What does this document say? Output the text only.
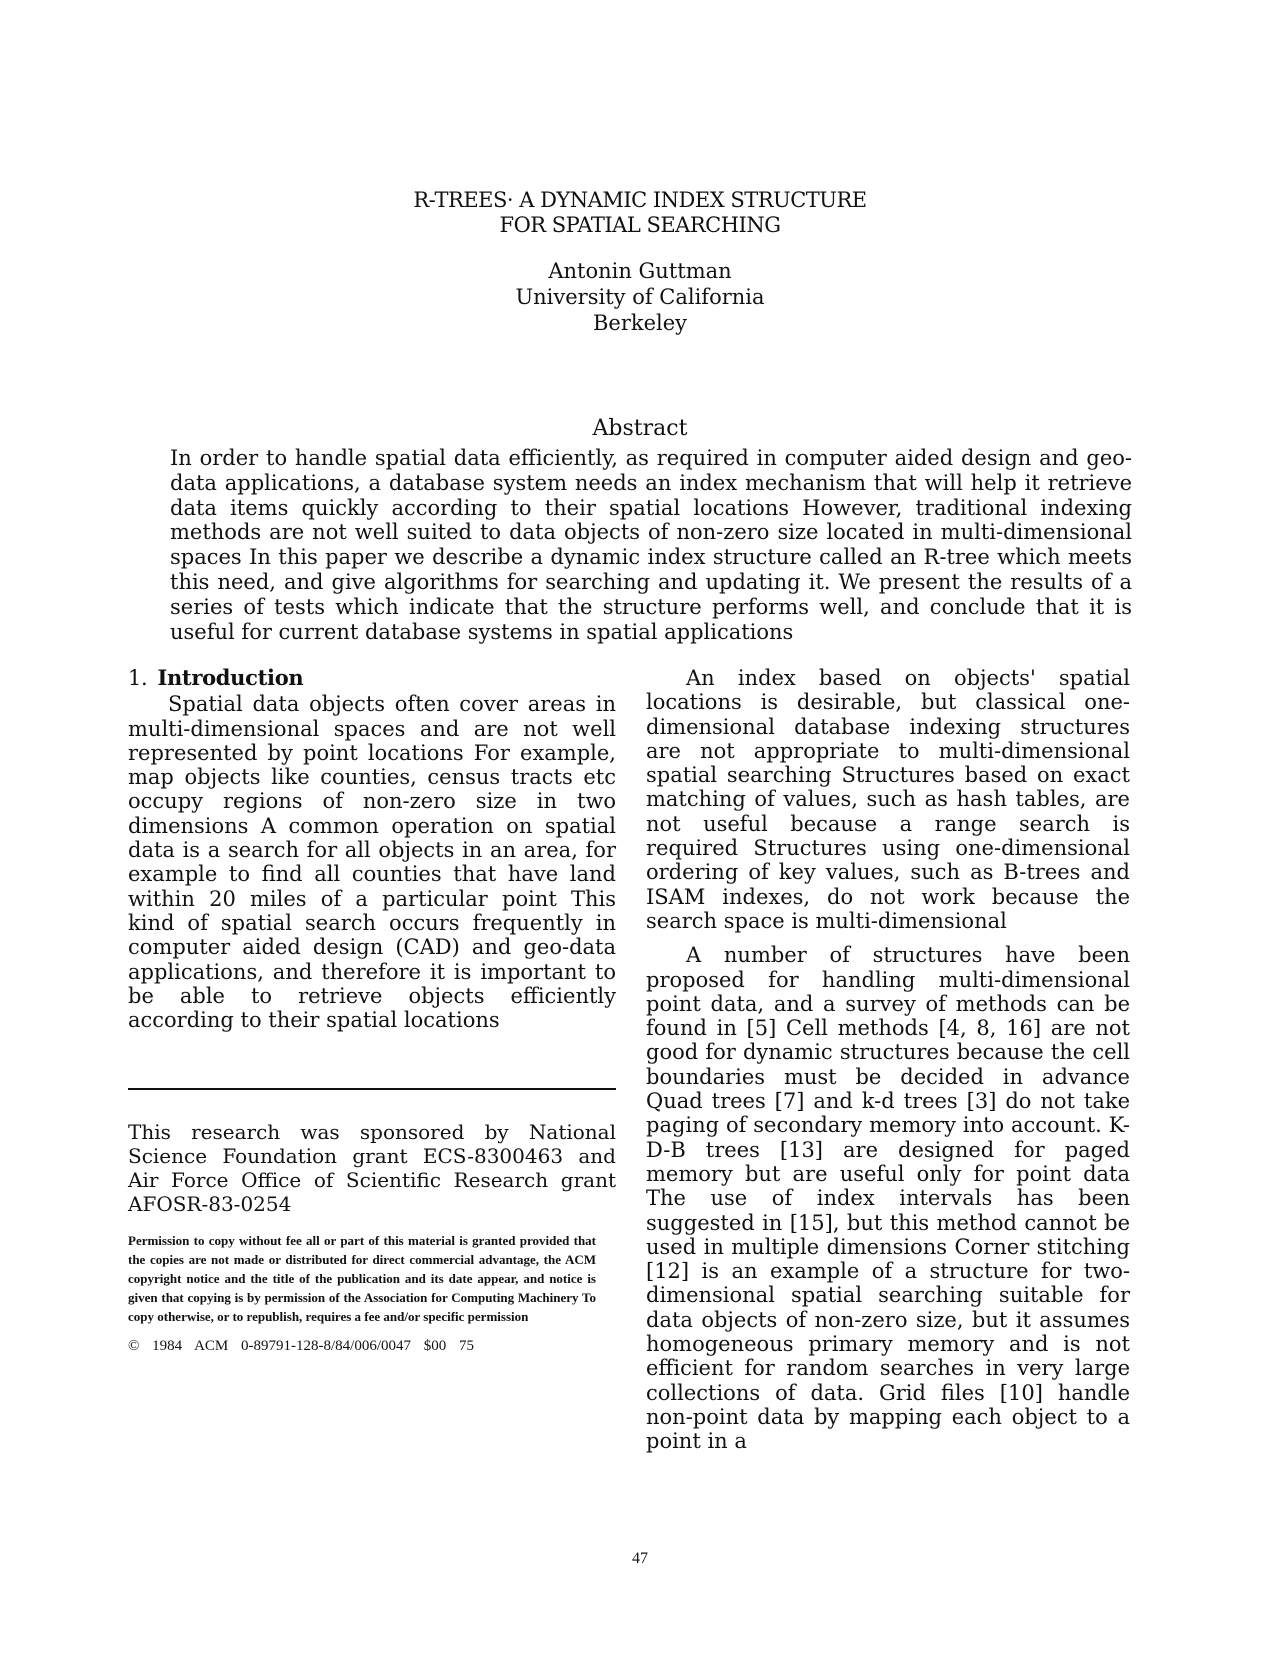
R-TREES· A DYNAMIC INDEX STRUCTURE
FOR SPATIAL SEARCHING
Antonin Guttman
University of California
Berkeley
Abstract
In order to handle spatial data efficiently, as required in computer aided design and geo-data applications, a database system needs an index mechanism that will help it retrieve data items quickly according to their spatial locations However, traditional indexing methods are not well suited to data objects of non-zero size located in multi-dimensional spaces In this paper we describe a dynamic index structure called an R-tree which meets this need, and give algorithms for searching and updating it. We present the results of a series of tests which indicate that the structure performs well, and conclude that it is useful for current database systems in spatial applications
1. Introduction

Spatial data objects often cover areas in multi-dimensional spaces and are not well represented by point locations For example, map objects like counties, census tracts etc occupy regions of non-zero size in two dimensions A common operation on spatial data is a search for all objects in an area, for example to find all counties that have land within 20 miles of a particular point This kind of spatial search occurs frequently in computer aided design (CAD) and geo-data applications, and therefore it is important to be able to retrieve objects efficiently according to their spatial locations

This research was sponsored by National Science Foundation grant ECS-8300463 and Air Force Office of Scientific Research grant AFOSR-83-0254
Permission to copy without fee all or part of this material is granted provided that the copies are not made or distributed for direct commercial advantage, the ACM copyright notice and the title of the publication and its date appear, and notice is given that copying is by permission of the Association for Computing Machinery To copy otherwise, or to republish, requires a fee and/or specific permission
© 1984 ACM 0-89791-128-8/84/006/0047 $00 75

An index based on objects' spatial locations is desirable, but classical one-dimensional database indexing structures are not appropriate to multi-dimensional spatial searching Structures based on exact matching of values, such as hash tables, are not useful because a range search is required Structures using one-dimensional ordering of key values, such as B-trees and ISAM indexes, do not work because the search space is multi-dimensional

A number of structures have been proposed for handling multi-dimensional point data, and a survey of methods can be found in [5] Cell methods [4, 8, 16] are not good for dynamic structures because the cell boundaries must be decided in advance Quad trees [7] and k-d trees [3] do not take paging of secondary memory into account. K-D-B trees [13] are designed for paged memory but are useful only for point data The use of index intervals has been suggested in [15], but this method cannot be used in multiple dimensions Corner stitching [12] is an example of a structure for two-dimensional spatial searching suitable for data objects of non-zero size, but it assumes homogeneous primary memory and is not efficient for random searches in very large collections of data. Grid files [10] handle non-point data by mapping each object to a point in a

47
